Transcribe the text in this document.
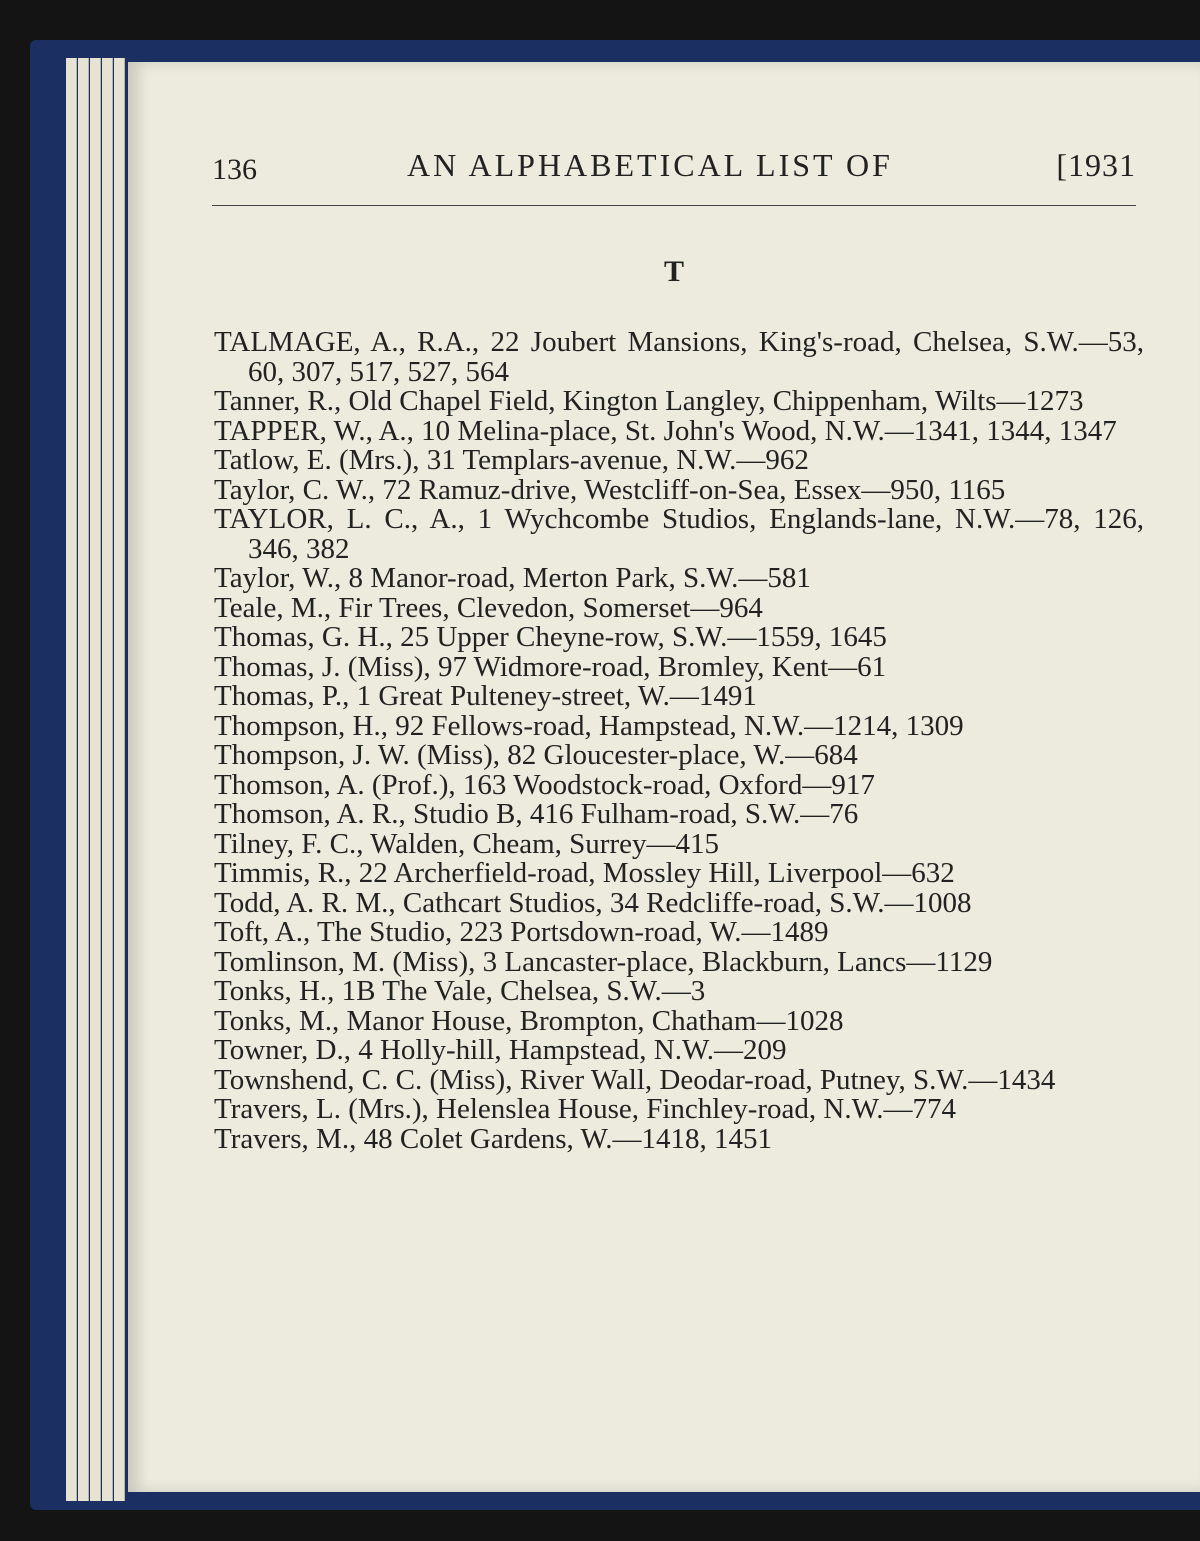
136	AN ALPHABETICAL LIST OF	[1931
T
TALMAGE, A., R.A., 22 Joubert Mansions, King's-road, Chelsea, S.W.—53, 60, 307, 517, 527, 564
Tanner, R., Old Chapel Field, Kington Langley, Chippenham, Wilts—1273
TAPPER, W., A., 10 Melina-place, St. John's Wood, N.W.—1341, 1344, 1347
Tatlow, E. (Mrs.), 31 Templars-avenue, N.W.—962
Taylor, C. W., 72 Ramuz-drive, Westcliff-on-Sea, Essex—950, 1165
TAYLOR, L. C., A., 1 Wychcombe Studios, Englands-lane, N.W.—78, 126, 346, 382
Taylor, W., 8 Manor-road, Merton Park, S.W.—581
Teale, M., Fir Trees, Clevedon, Somerset—964
Thomas, G. H., 25 Upper Cheyne-row, S.W.—1559, 1645
Thomas, J. (Miss), 97 Widmore-road, Bromley, Kent—61
Thomas, P., 1 Great Pulteney-street, W.—1491
Thompson, H., 92 Fellows-road, Hampstead, N.W.—1214, 1309
Thompson, J. W. (Miss), 82 Gloucester-place, W.—684
Thomson, A. (Prof.), 163 Woodstock-road, Oxford—917
Thomson, A. R., Studio B, 416 Fulham-road, S.W.—76
Tilney, F. C., Walden, Cheam, Surrey—415
Timmis, R., 22 Archerfield-road, Mossley Hill, Liverpool—632
Todd, A. R. M., Cathcart Studios, 34 Redcliffe-road, S.W.—1008
Toft, A., The Studio, 223 Portsdown-road, W.—1489
Tomlinson, M. (Miss), 3 Lancaster-place, Blackburn, Lancs—1129
Tonks, H., 1B The Vale, Chelsea, S.W.—3
Tonks, M., Manor House, Brompton, Chatham—1028
Towner, D., 4 Holly-hill, Hampstead, N.W.—209
Townshend, C. C. (Miss), River Wall, Deodar-road, Putney, S.W.—1434
Travers, L. (Mrs.), Helenslea House, Finchley-road, N.W.—774
Travers, M., 48 Colet Gardens, W.—1418, 1451
